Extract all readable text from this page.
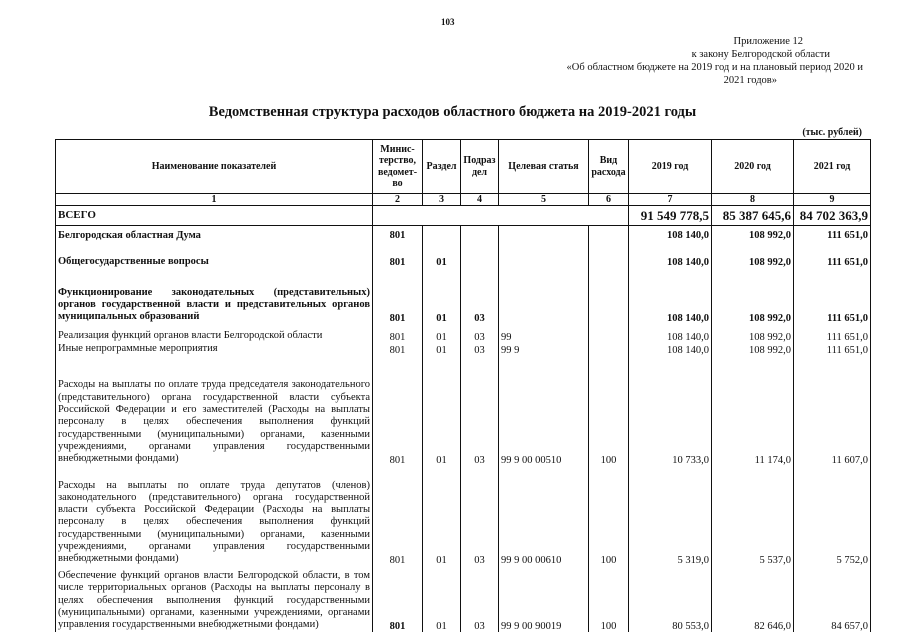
103
Приложение 12
к закону Белгородской области
«Об областном бюджете на 2019 год и на плановый период 2020 и
2021 годов»
Ведомственная структура расходов областного бюджета на 2019-2021 годы
(тыс. рублей)
Наименование показателей	Минис-терство, ведомет-во	Раздел	Подраз дел	Целевая статья	Вид расхода	2019 год	2020 год	2021 год
1	2	3	4	5	6	7	8	9
ВСЕГО						91 549 778,5	85 387 645,6	84 702 363,9
Белгородская областная Дума	801					108 140,0	108 992,0	111 651,0
Общегосударственные вопросы	801	01				108 140,0	108 992,0	111 651,0
Функционирование законодательных (представительных) органов государственной власти и представительных органов муниципальных образований	801	01	03			108 140,0	108 992,0	111 651,0
Реализация функций органов власти Белгородской области	801	01	03	99		108 140,0	108 992,0	111 651,0
Иные непрограммные мероприятия	801	01	03	99 9		108 140,0	108 992,0	111 651,0
Расходы на выплаты по оплате труда председателя законодательного (представительного) органа государственной власти субъекта Российской Федерации и его заместителей (Расходы на выплаты персоналу в целях обеспечения выполнения функций государственными (муниципальными) органами, казенными учреждениями, органами управления государственными внебюджетными фондами)	801	01	03	99 9 00 00510	100	10 733,0	11 174,0	11 607,0
Расходы на выплаты по оплате труда депутатов (членов) законодательного (представительного) органа государственной власти субъекта Российской Федерации (Расходы на выплаты персоналу в целях обеспечения выполнения функций государственными (муниципальными) органами, казенными учреждениями, органами управления государственными внебюджетными фондами)	801	01	03	99 9 00 00610	100	5 319,0	5 537,0	5 752,0
Обеспечение функций органов власти Белгородской области, в том числе территориальных органов (Расходы на выплаты персоналу в целях обеспечения выполнения функций государственными (муниципальными) органами, казенными учреждениями, органами управления государственными внебюджетными фондами)	801	01	03	99 9 00 90019	100	80 553,0	82 646,0	84 657,0
